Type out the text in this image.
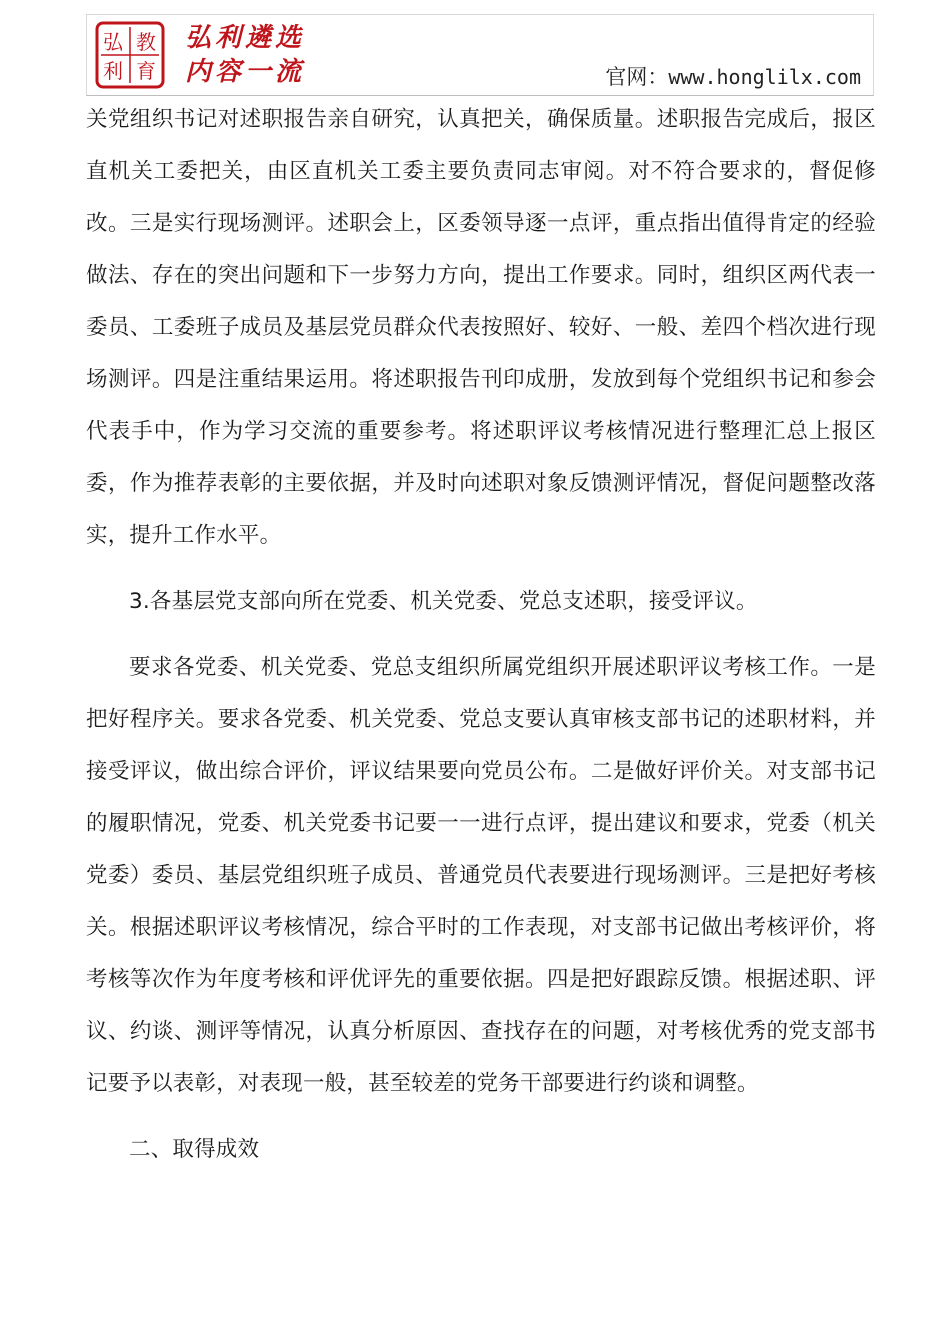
弘 教
利 育
弘利遴选
内容一流	官网：www.honglilx.com

关党组织书记对述职报告亲自研究，认真把关，确保质量。述职报告完成后，报区直机关工委把关，由区直机关工委主要负责同志审阅。对不符合要求的，督促修改。三是实行现场测评。述职会上，区委领导逐一点评，重点指出值得肯定的经验做法、存在的突出问题和下一步努力方向，提出工作要求。同时，组织区两代表一委员、工委班子成员及基层党员群众代表按照好、较好、一般、差四个档次进行现场测评。四是注重结果运用。将述职报告刊印成册，发放到每个党组织书记和参会代表手中，作为学习交流的重要参考。将述职评议考核情况进行整理汇总上报区委，作为推荐表彰的主要依据，并及时向述职对象反馈测评情况，督促问题整改落实，提升工作水平。

3.各基层党支部向所在党委、机关党委、党总支述职，接受评议。

要求各党委、机关党委、党总支组织所属党组织开展述职评议考核工作。一是把好程序关。要求各党委、机关党委、党总支要认真审核支部书记的述职材料，并接受评议，做出综合评价，评议结果要向党员公布。二是做好评价关。对支部书记的履职情况，党委、机关党委书记要一一进行点评，提出建议和要求，党委（机关党委）委员、基层党组织班子成员、普通党员代表要进行现场测评。三是把好考核关。根据述职评议考核情况，综合平时的工作表现，对支部书记做出考核评价，将考核等次作为年度考核和评优评先的重要依据。四是把好跟踪反馈。根据述职、评议、约谈、测评等情况，认真分析原因、查找存在的问题，对考核优秀的党支部书记要予以表彰，对表现一般，甚至较差的党务干部要进行约谈和调整。

二、取得成效
